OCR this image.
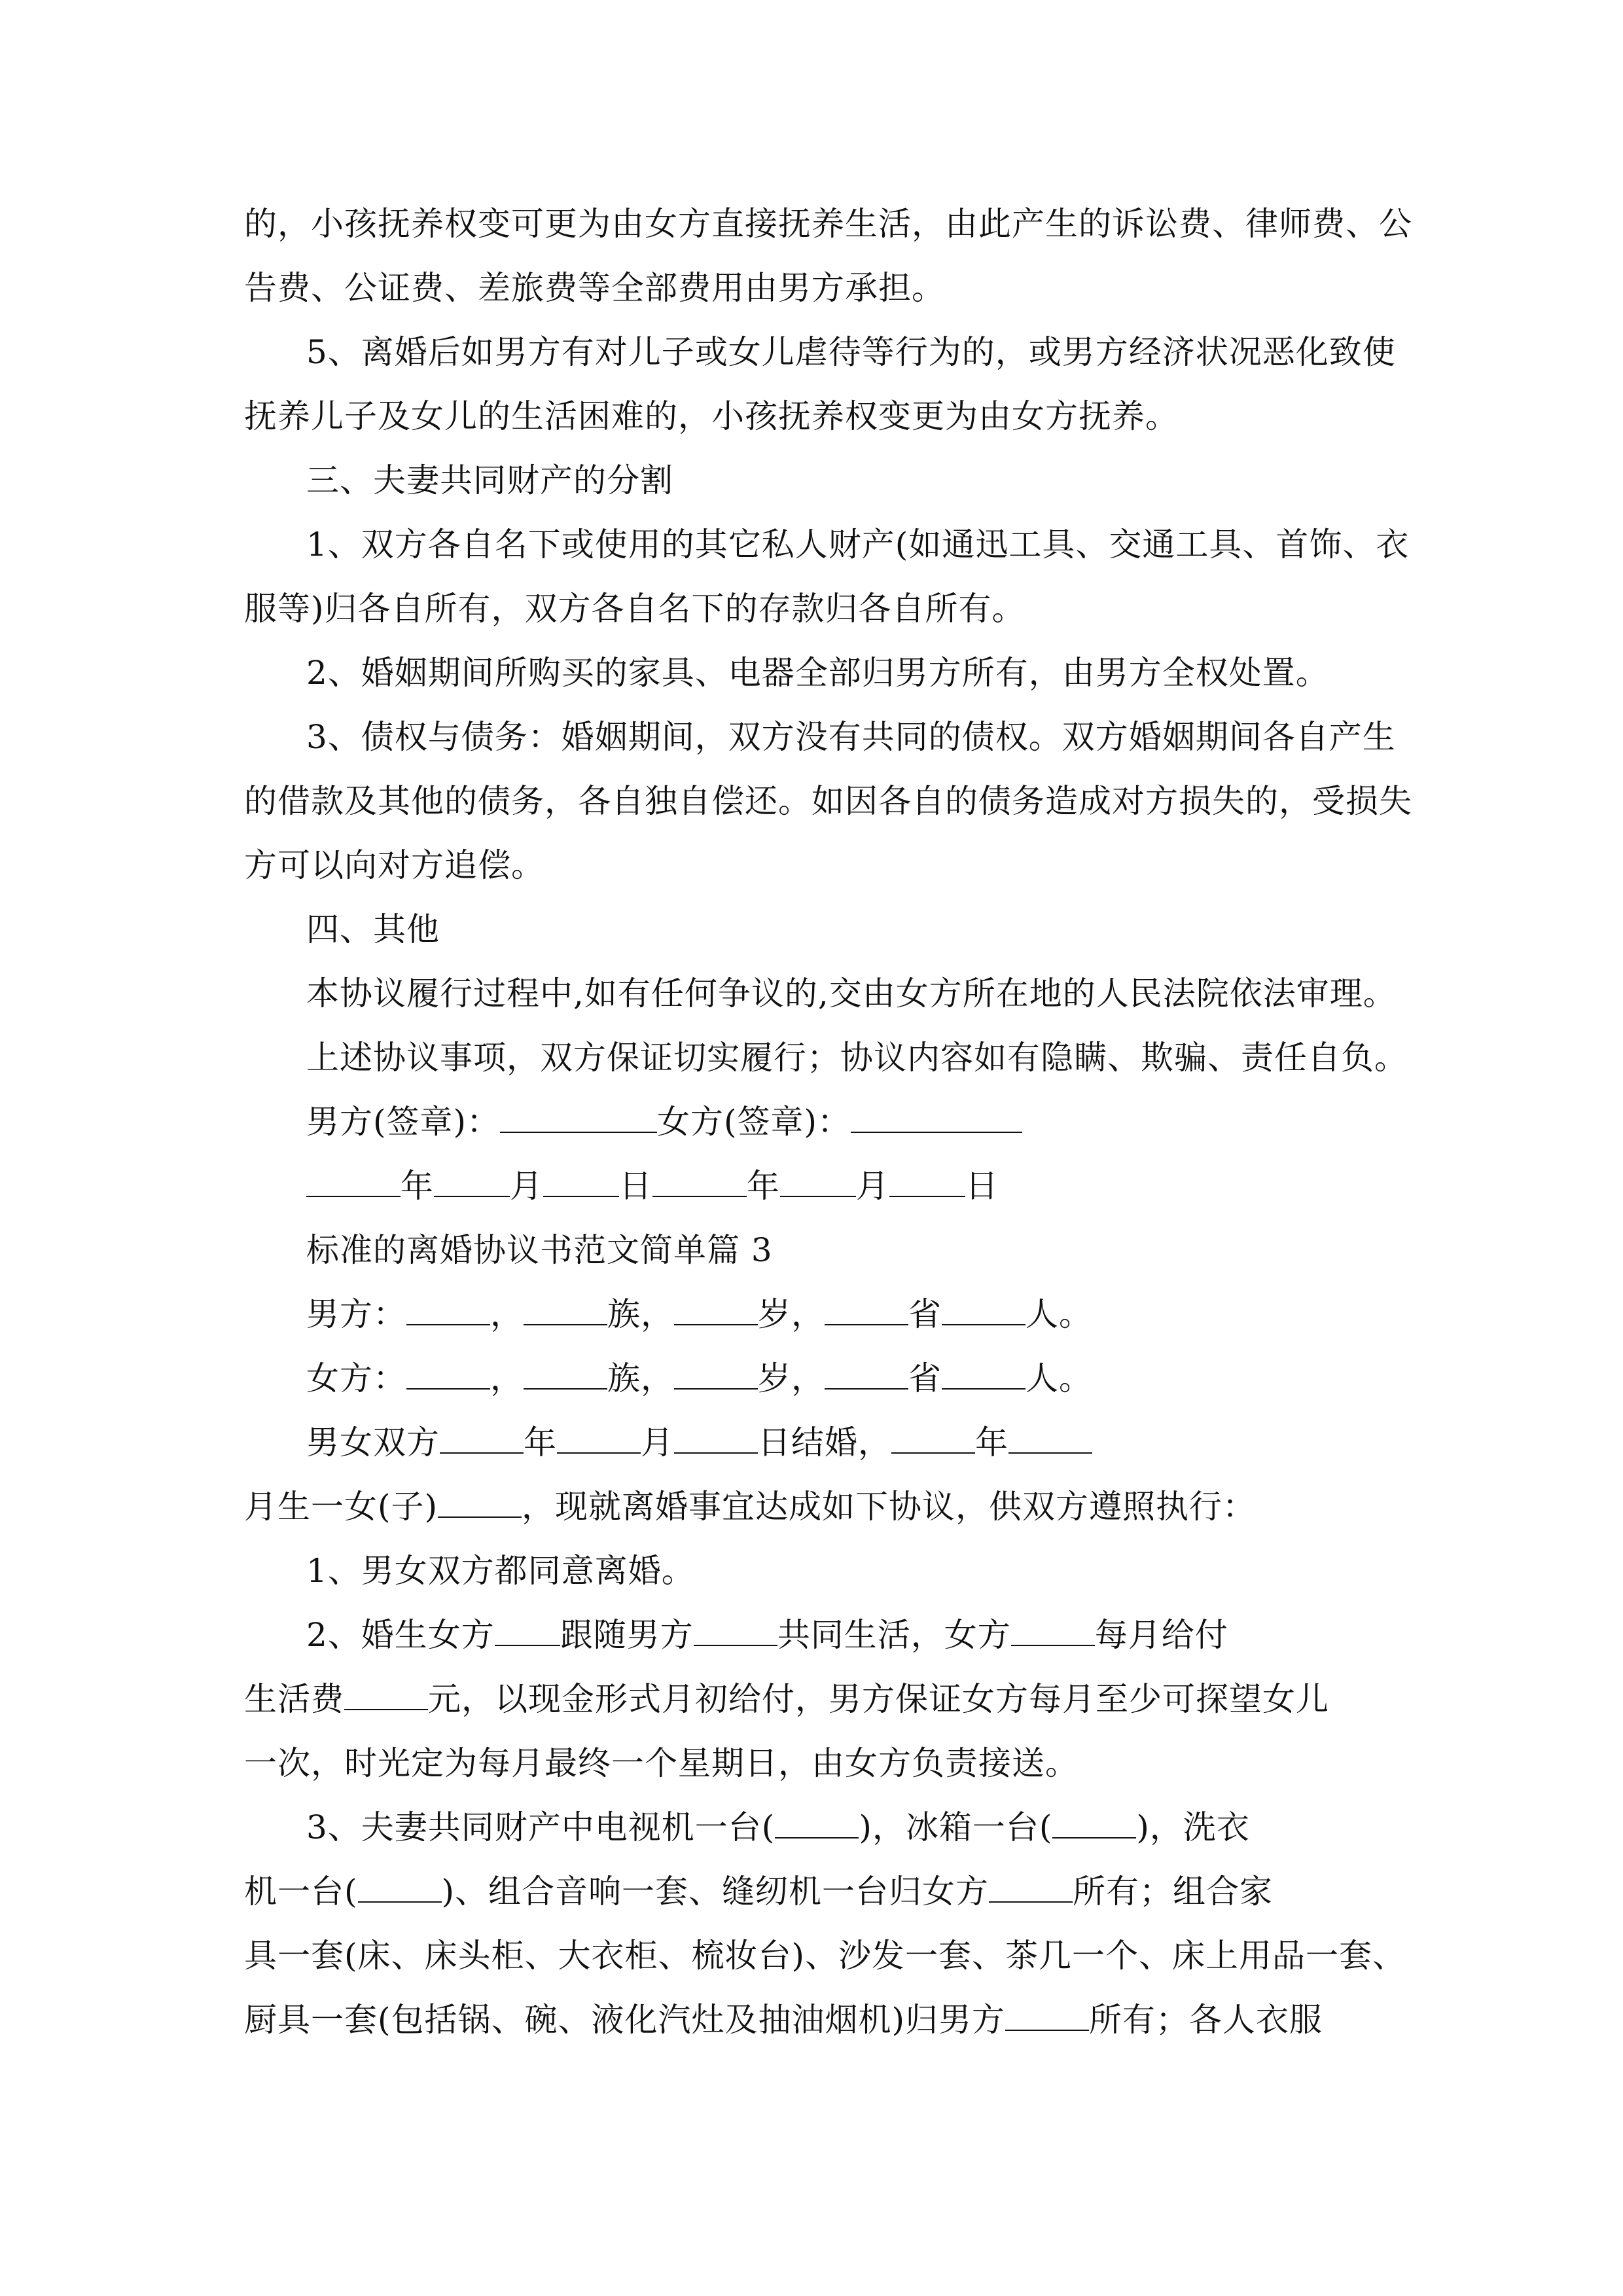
的，小孩抚养权变可更为由女方直接抚养生活，由此产生的诉讼费、律师费、公
告费、公证费、差旅费等全部费用由男方承担。
5、离婚后如男方有对儿子或女儿虐待等行为的，或男方经济状况恶化致使
抚养儿子及女儿的生活困难的，小孩抚养权变更为由女方抚养。
三、夫妻共同财产的分割
1、双方各自名下或使用的其它私人财产(如通迅工具、交通工具、首饰、衣
服等)归各自所有，双方各自名下的存款归各自所有。
2、婚姻期间所购买的家具、电器全部归男方所有，由男方全权处置。
3、债权与债务：婚姻期间，双方没有共同的债权。双方婚姻期间各自产生
的借款及其他的债务，各自独自偿还。如因各自的债务造成对方损失的，受损失
方可以向对方追偿。
四、其他
本协议履行过程中,如有任何争议的,交由女方所在地的人民法院依法审理。
上述协议事项，双方保证切实履行；协议内容如有隐瞒、欺骗、责任自负。
男方(签章)：	女方(签章)：
年 月 日	年 月 日
标准的离婚协议书范文简单篇 3
男方：	，	族，	岁，	省	人。
女方：	，	族，	岁，	省	人。
男女双方	年	月	日结婚，	年
月生一女(子)	，现就离婚事宜达成如下协议，供双方遵照执行：
1、男女双方都同意离婚。
2、婚生女方 跟随男方	共同生活，女方	每月给付
生活费	元，以现金形式月初给付，男方保证女方每月至少可探望女儿
一次，时光定为每月最终一个星期日，由女方负责接送。
3、夫妻共同财产中电视机一台(	)，冰箱一台(	)，洗衣
机一台(	)、组合音响一套、缝纫机一台归女方	所有；组合家
具一套(床、床头柜、大衣柜、梳妆台)、沙发一套、茶几一个、床上用品一套、
厨具一套(包括锅、碗、液化汽灶及抽油烟机)归男方	所有；各人衣服
